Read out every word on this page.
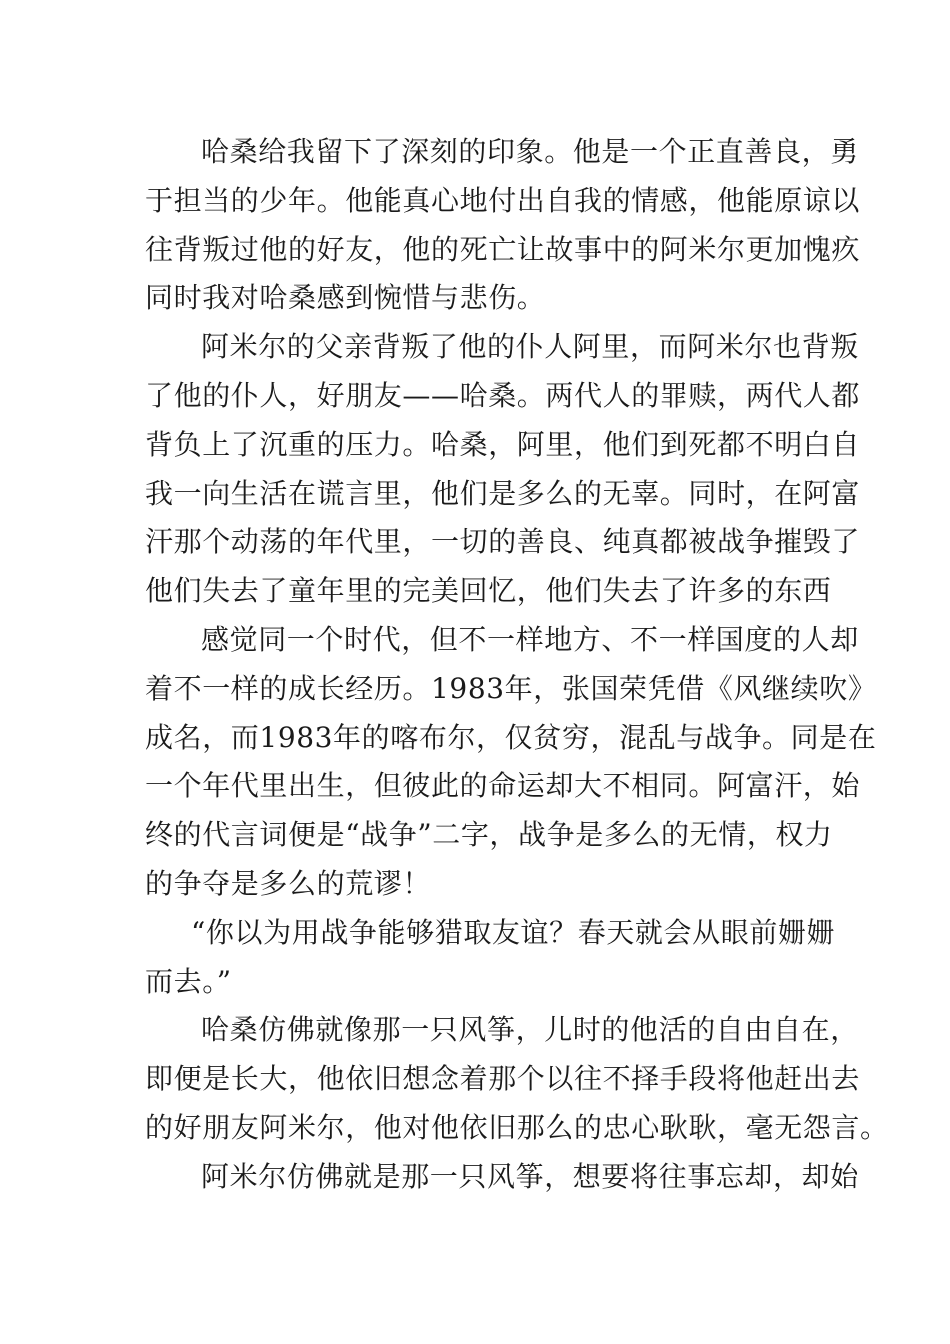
哈桑给我留下了深刻的印象。他是一个正直善良，勇
于担当的少年。他能真心地付出自我的情感，他能原谅以
往背叛过他的好友，他的死亡让故事中的阿米尔更加愧疚
同时我对哈桑感到惋惜与悲伤。
阿米尔的父亲背叛了他的仆人阿里，而阿米尔也背叛
了他的仆人，好朋友——哈桑。两代人的罪赎，两代人都
背负上了沉重的压力。哈桑，阿里，他们到死都不明白自
我一向生活在谎言里，他们是多么的无辜。同时，在阿富
汗那个动荡的年代里，一切的善良、纯真都被战争摧毁了
他们失去了童年里的完美回忆，他们失去了许多的东西
感觉同一个时代，但不一样地方、不一样国度的人却
着不一样的成长经历。1983年，张国荣凭借《风继续吹》
成名，而1983年的喀布尔，仅贫穷，混乱与战争。同是在
一个年代里出生，但彼此的命运却大不相同。阿富汗，始
终的代言词便是“战争”二字，战争是多么的无情，权力
的争夺是多么的荒谬！
“你以为用战争能够猎取友谊？春天就会从眼前姗姗
而去。”
哈桑仿佛就像那一只风筝，儿时的他活的自由自在，
即便是长大，他依旧想念着那个以往不择手段将他赶出去
的好朋友阿米尔，他对他依旧那么的忠心耿耿，毫无怨言。
阿米尔仿佛就是那一只风筝，想要将往事忘却，却始
